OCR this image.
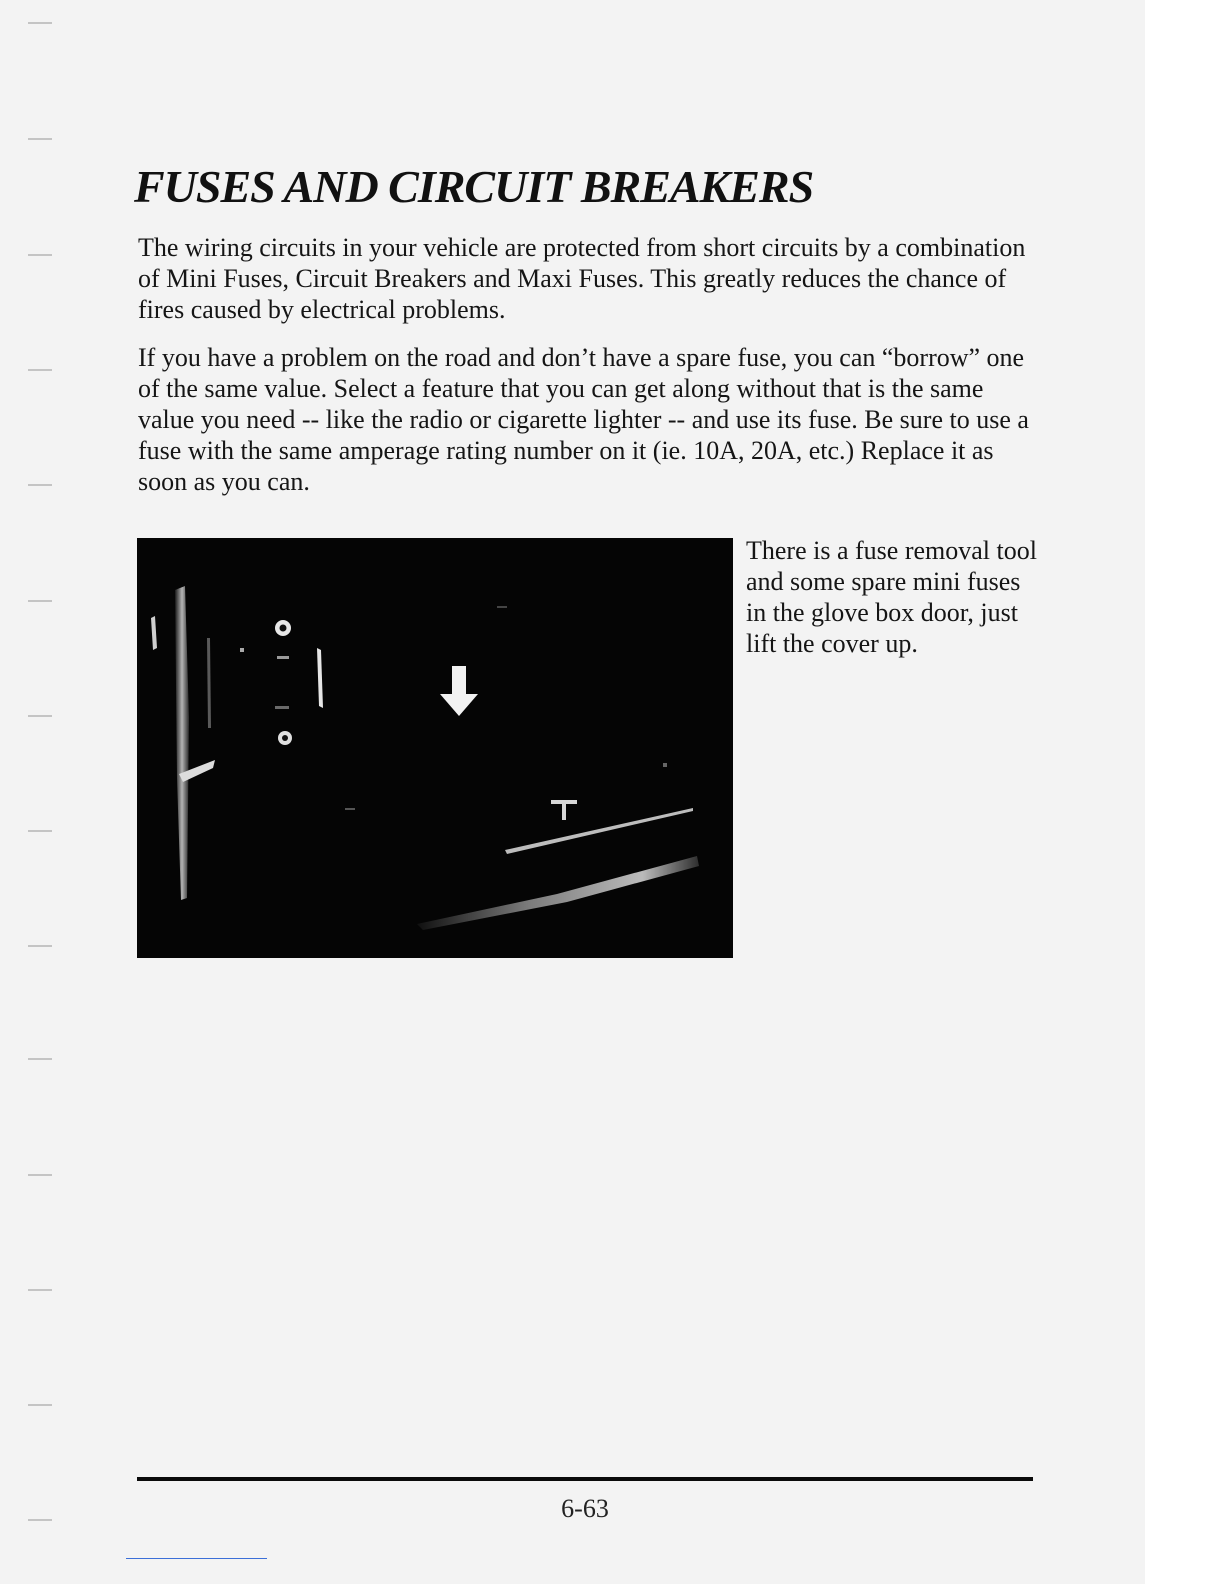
FUSES AND CIRCUIT BREAKERS

The wiring circuits in your vehicle are protected from short circuits by a combination of Mini Fuses, Circuit Breakers and Maxi Fuses. This greatly reduces the chance of fires caused by electrical problems.

If you have a problem on the road and don’t have a spare fuse, you can “borrow” one of the same value. Select a feature that you can get along without that is the same value you need -- like the radio or cigarette lighter -- and use its fuse. Be sure to use a fuse with the same amperage rating number on it (ie. 10A, 20A, etc.) Replace it as soon as you can.

There is a fuse removal tool and some spare mini fuses in the glove box door, just lift the cover up.

6-63
